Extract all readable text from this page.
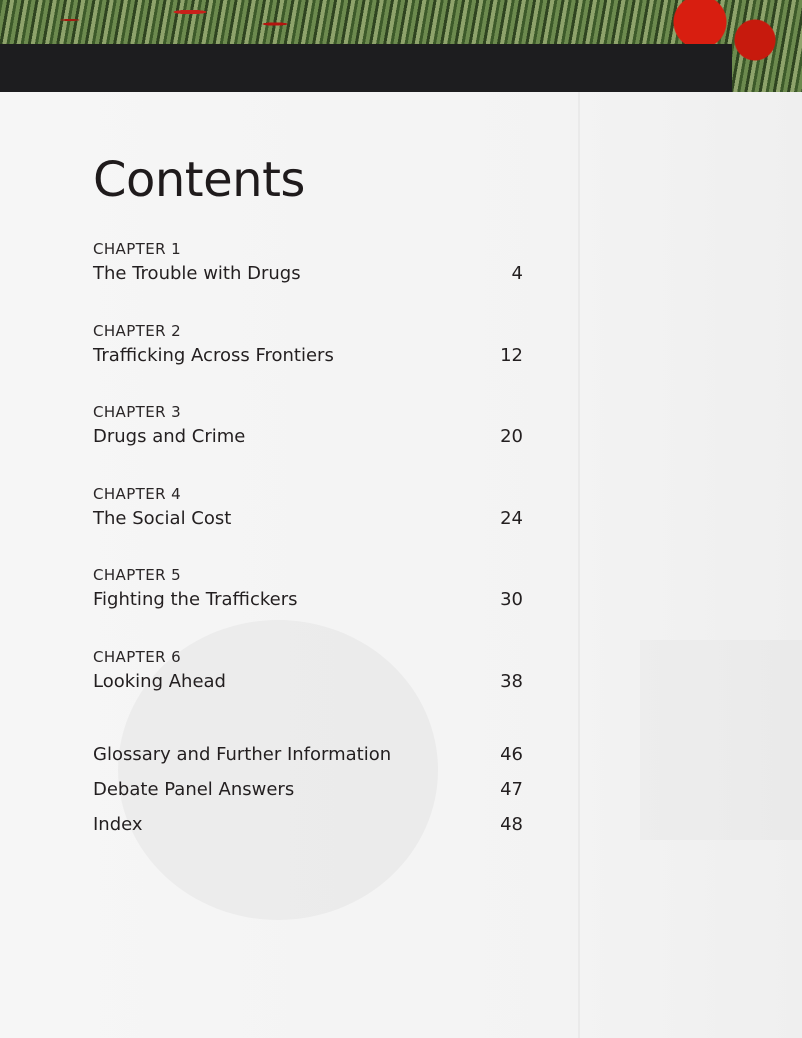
Contents
CHAPTER 1
The Trouble with Drugs	4
CHAPTER 2
Trafficking Across Frontiers	12
CHAPTER 3
Drugs and Crime	20
CHAPTER 4
The Social Cost	24
CHAPTER 5
Fighting the Traffickers	30
CHAPTER 6
Looking Ahead	38
Glossary and Further Information	46
Debate Panel Answers	47
Index	48
